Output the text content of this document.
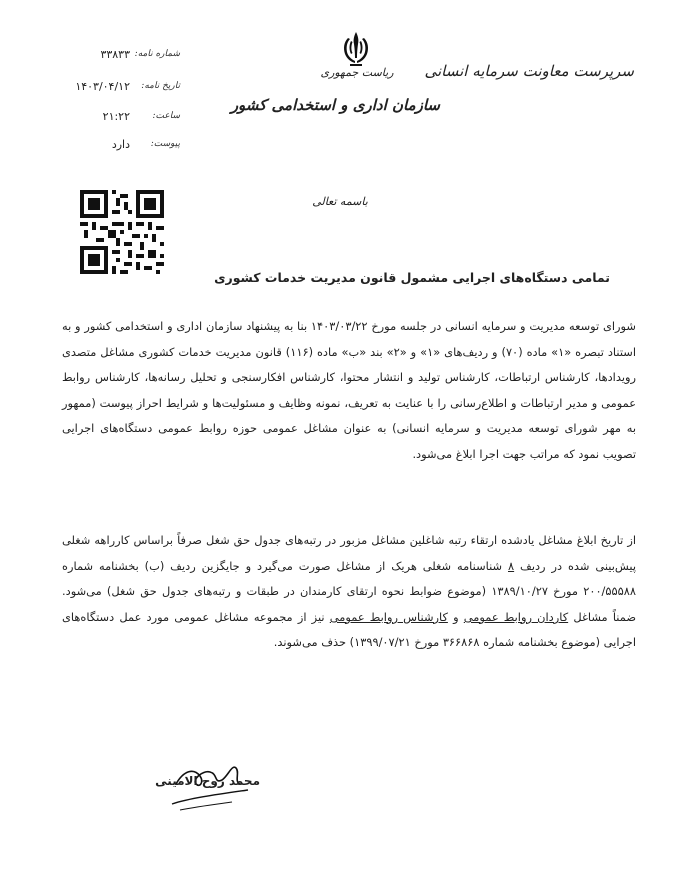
سرپرست معاونت سرمایه انسانی
ریاست جمهوری
سازمان اداری و استخدامی کشور
شماره نامه:
۳۳۸۳۳
تاریخ نامه:
۱۴۰۳/۰۴/۱۲
ساعت:
۲۱:۲۲
پیوست:
دارد
باسمه تعالی
تمامی دستگاه‌های اجرایی مشمول قانون مدیریت خدمات کشوری
شورای توسعه مدیریت و سرمایه انسانی در جلسه مورخ ۱۴۰۳/۰۳/۲۲ بنا به پیشنهاد سازمان اداری و استخدامی کشور و به استناد تبصره «۱» ماده (۷۰) و ردیف‌های «۱» و «۲» بند «ب» ماده (۱۱۶) قانون مدیریت خدمات کشوری مشاغل متصدی رویدادها، کارشناس ارتباطات، کارشناس تولید و انتشار محتوا، کارشناس افکارسنجی و تحلیل رسانه‌ها، کارشناس روابط عمومی و مدیر ارتباطات و اطلاع‌رسانی را با عنایت به تعریف، نمونه وظایف و مسئولیت‌ها و شرایط احراز پیوست (ممهور به مهر شورای توسعه مدیریت و سرمایه انسانی) به عنوان مشاغل عمومی حوزه روابط عمومی دستگاه‌های اجرایی تصویب نمود که مراتب جهت اجرا ابلاغ می‌شود.
از تاریخ ابلاغ مشاغل یادشده ارتقاء رتبه شاغلین مشاغل مزبور در رتبه‌های جدول حق شغل صرفاً براساس کارراهه شغلی پیش‌بینی شده در ردیف ۸ شناسنامه شغلی هریک از مشاغل صورت می‌گیرد و جایگزین ردیف (ب) بخشنامه شماره ۲۰۰/۵۵۵۸۸ مورخ ۱۳۸۹/۱۰/۲۷ (موضوع ضوابط نحوه ارتقای کارمندان در طبقات و رتبه‌های جدول حق شغل) می‌شود. ضمناً مشاغل کاردان روابط عمومی و کارشناس روابط عمومی نیز از مجموعه مشاغل عمومی مورد عمل دستگاه‌های اجرایی (موضوع بخشنامه شماره ۳۶۶۸۶۸ مورخ ۱۳۹۹/۰۷/۲۱) حذف می‌شوند.
محمد روح الامینی
